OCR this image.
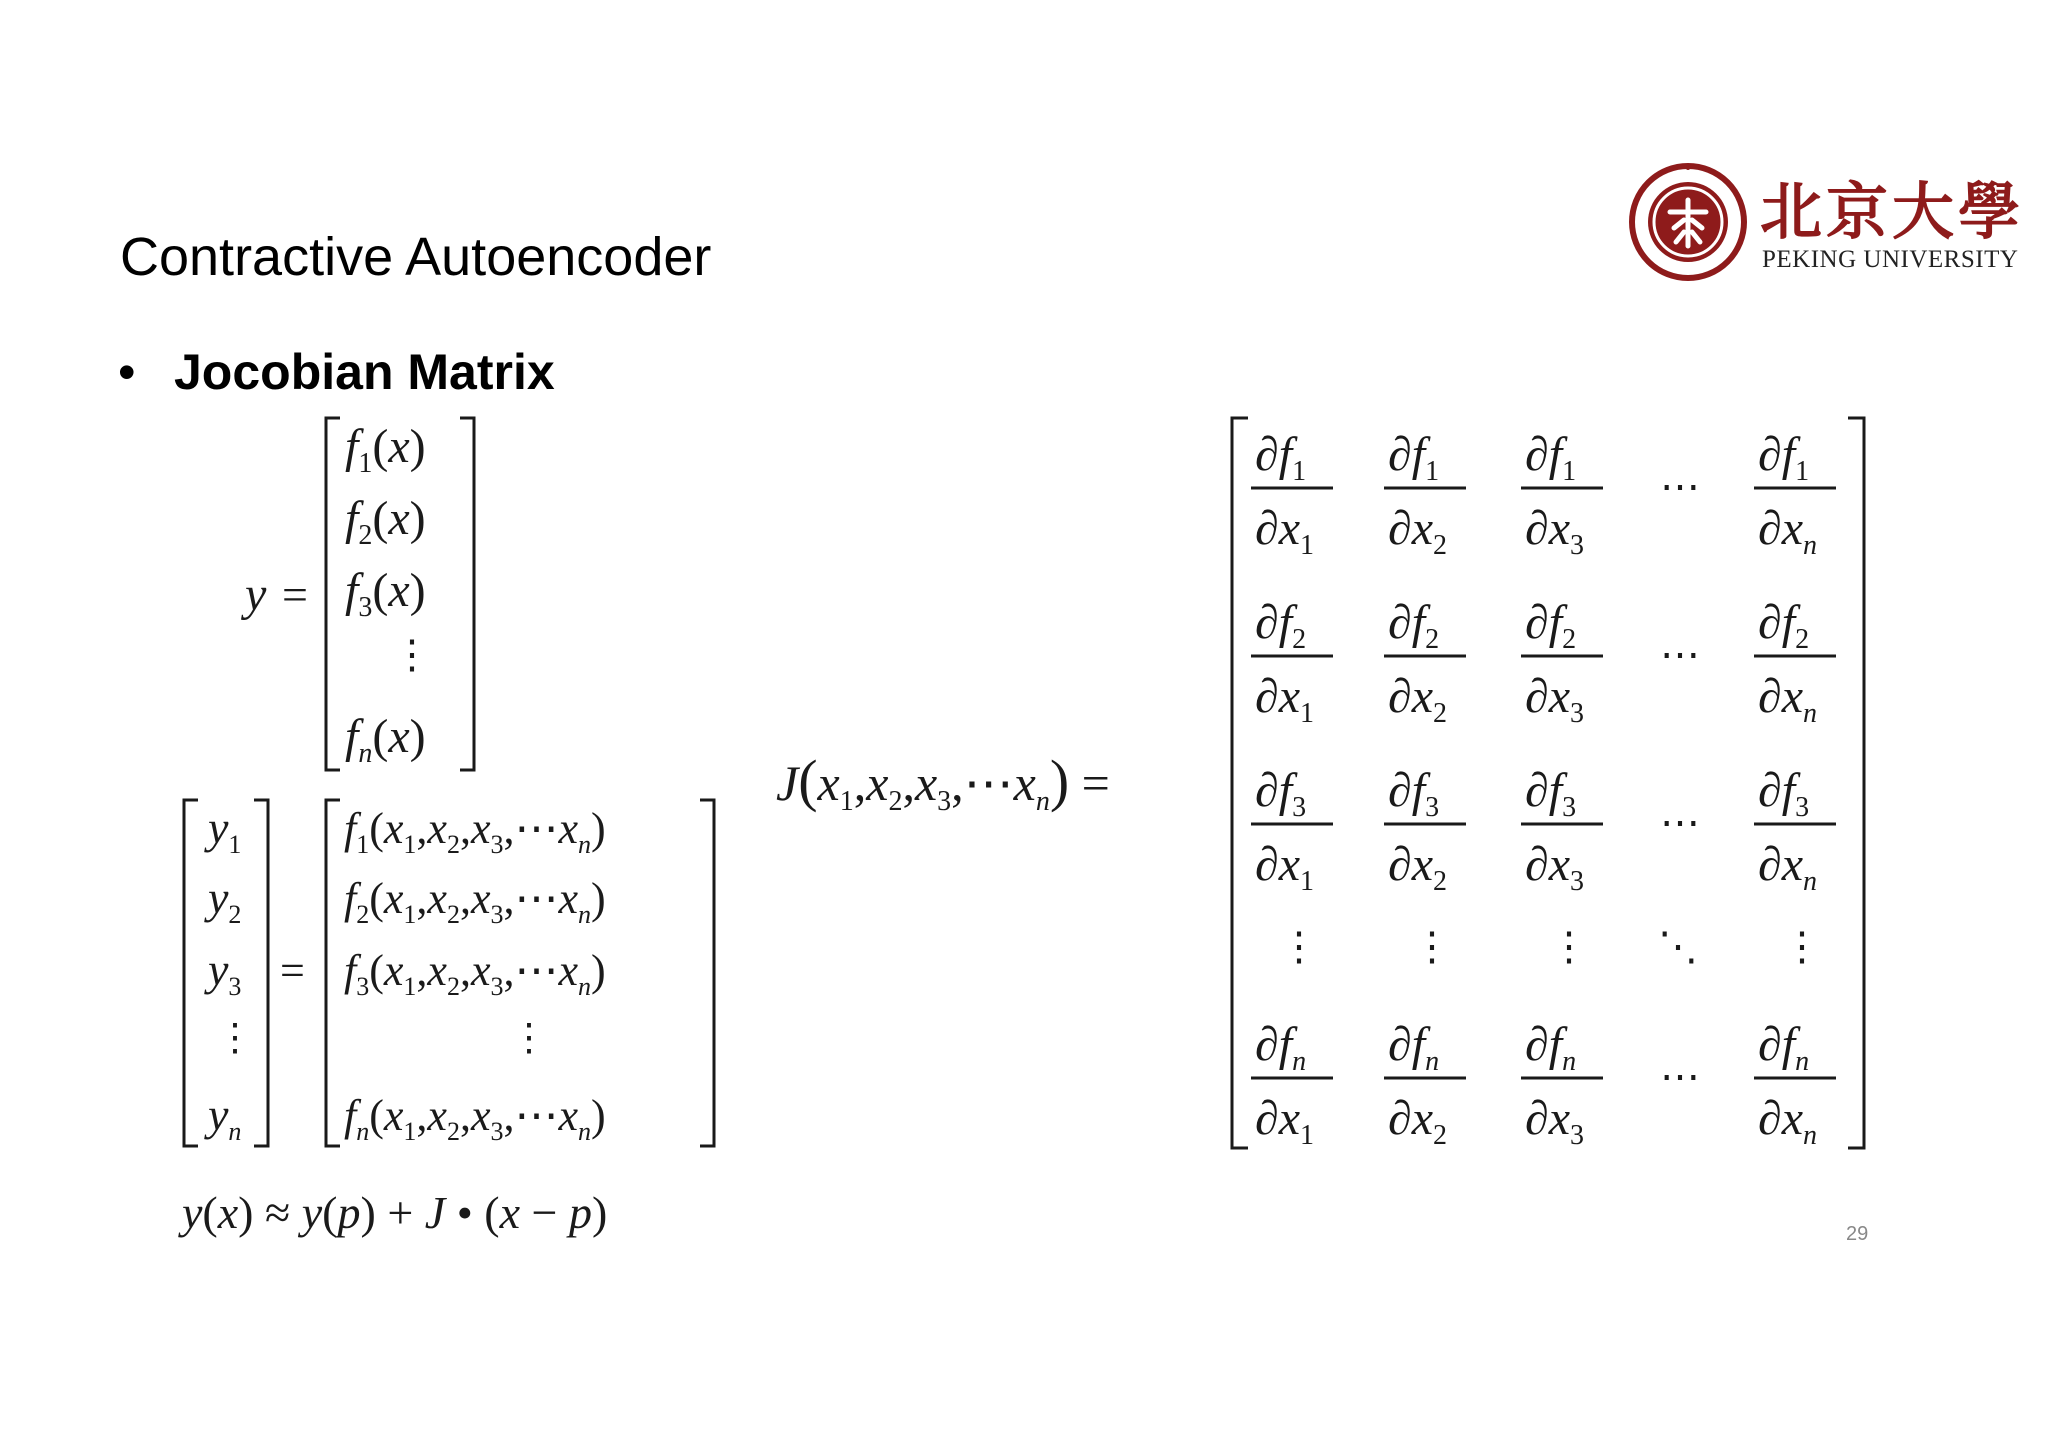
Contractive Autoencoder
• Jocobian Matrix
北京大學
PEKING UNIVERSITY
y =
$f_1(x)$
$f_2(x)$
$f_3(x)$
⋮
$f_n(x)$
$y_1$
$y_2$
$y_3$
⋮
$y_n$
=
$f_1(x_1,x_2,x_3,\cdots x_n)$
$f_2(x_1,x_2,x_3,\cdots x_n)$
$f_3(x_1,x_2,x_3,\cdots x_n)$
⋮
$f_n(x_1,x_2,x_3,\cdots x_n)$
y(x) ≈ y(p) + J • (x − p)
$J(x_1,x_2,x_3,\cdots x_n)$ =
$\partial f_1$
$\partial x_1$
$\partial f_1$
$\partial x_2$
$\partial f_1$
$\partial x_3$
⋯
$\partial f_1$
$\partial x_n$
$\partial f_2$
$\partial x_1$
$\partial f_2$
$\partial x_2$
$\partial f_2$
$\partial x_3$
⋯
$\partial f_2$
$\partial x_n$
$\partial f_3$
$\partial x_1$
$\partial f_3$
$\partial x_2$
$\partial f_3$
$\partial x_3$
⋯
$\partial f_3$
$\partial x_n$
⋮ ⋮ ⋮	⋮
⋱
$\partial f_n$
$\partial x_1$
$\partial f_n$
$\partial x_2$
$\partial f_n$
$\partial x_3$
⋯
$\partial f_n$
$\partial x_n$
29
